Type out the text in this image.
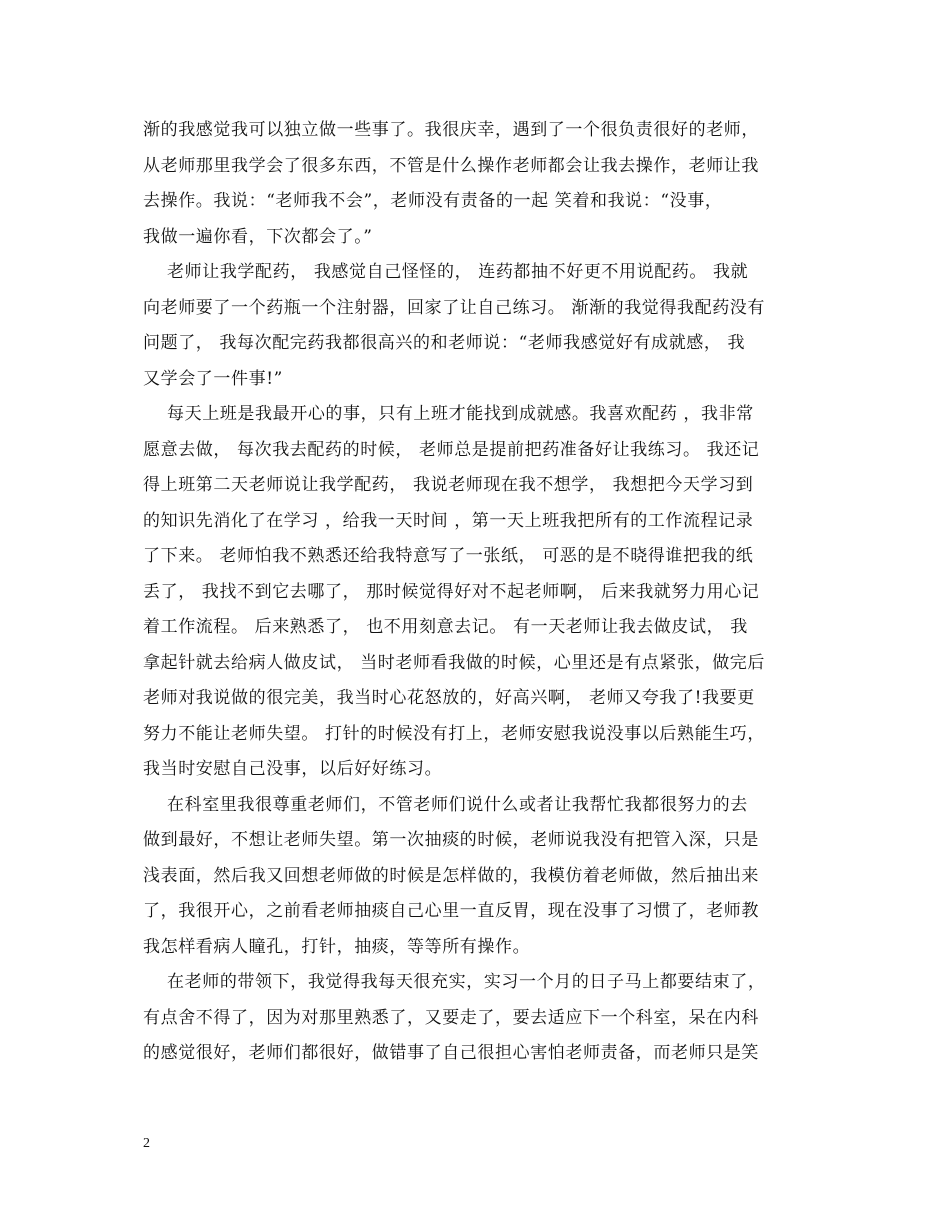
渐的我感觉我可以独立做一些事了。我很庆幸，遇到了一个很负责很好的老师，
从老师那里我学会了很多东西，不管是什么操作老师都会让我去操作，老师让我
去操作。我说：“老师我不会”，老师没有责备的一起 笑着和我说：“没事，
我做一遍你看，下次都会了。”
老师让我学配药， 我感觉自己怪怪的， 连药都抽不好更不用说配药。 我就
向老师要了一个药瓶一个注射器，回家了让自己练习。 渐渐的我觉得我配药没有
问题了， 我每次配完药我都很高兴的和老师说：“老师我感觉好有成就感， 我
又学会了一件事!”
每天上班是我最开心的事，只有上班才能找到成就感。我喜欢配药 ，我非常
愿意去做， 每次我去配药的时候， 老师总是提前把药准备好让我练习。 我还记
得上班第二天老师说让我学配药， 我说老师现在我不想学， 我想把今天学习到
的知识先消化了在学习 ，给我一天时间 ，第一天上班我把所有的工作流程记录
了下来。 老师怕我不熟悉还给我特意写了一张纸， 可恶的是不晓得谁把我的纸
丢了， 我找不到它去哪了， 那时候觉得好对不起老师啊， 后来我就努力用心记
着工作流程。 后来熟悉了， 也不用刻意去记。 有一天老师让我去做皮试， 我
拿起针就去给病人做皮试， 当时老师看我做的时候，心里还是有点紧张，做完后
老师对我说做的很完美，我当时心花怒放的，好高兴啊， 老师又夸我了!我要更
努力不能让老师失望。 打针的时候没有打上，老师安慰我说没事以后熟能生巧，
我当时安慰自己没事，以后好好练习。
在科室里我很尊重老师们，不管老师们说什么或者让我帮忙我都很努力的去
做到最好，不想让老师失望。第一次抽痰的时候，老师说我没有把管入深，只是
浅表面，然后我又回想老师做的时候是怎样做的，我模仿着老师做，然后抽出来
了，我很开心，之前看老师抽痰自己心里一直反胃，现在没事了习惯了，老师教
我怎样看病人瞳孔，打针，抽痰，等等所有操作。
在老师的带领下，我觉得我每天很充实，实习一个月的日子马上都要结束了，
有点舍不得了，因为对那里熟悉了，又要走了，要去适应下一个科室，呆在内科
的感觉很好，老师们都很好，做错事了自己很担心害怕老师责备，而老师只是笑
2
